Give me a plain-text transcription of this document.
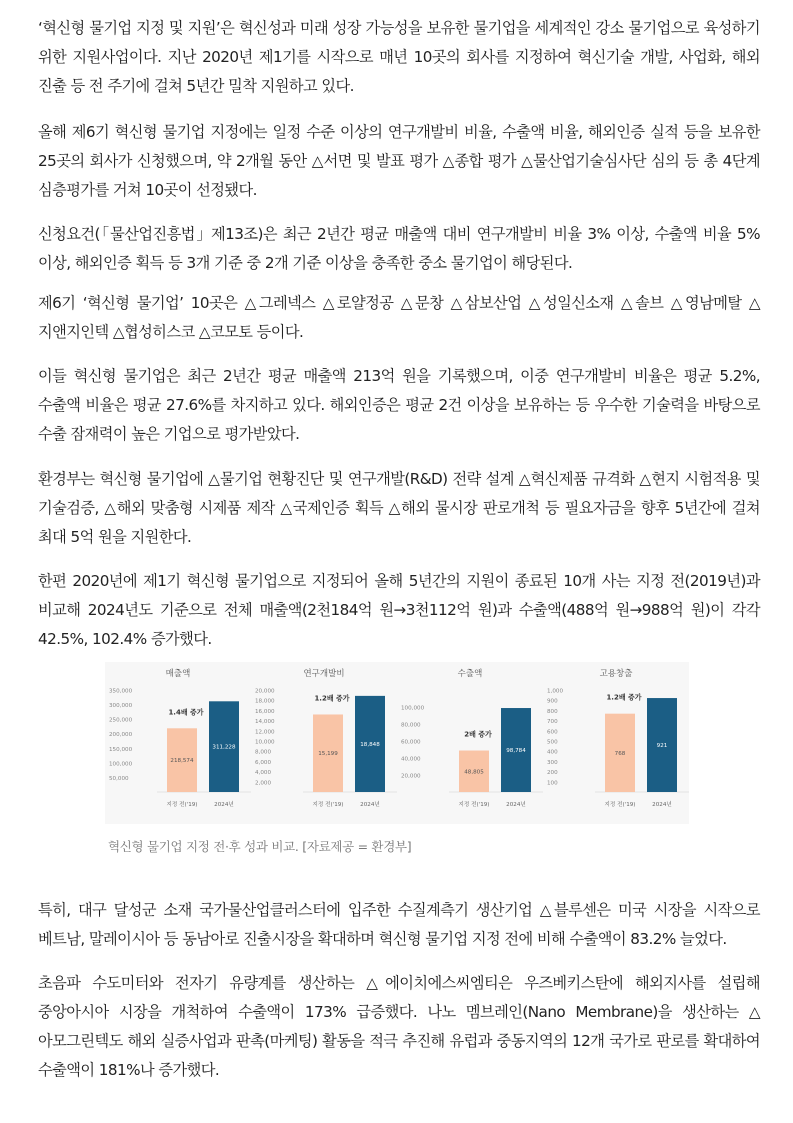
‘혁신형 물기업 지정 및 지원’은 혁신성과 미래 성장 가능성을 보유한 물기업을 세계적인 강소 물기업으로 육성하기 위한 지원사업이다. 지난 2020년 제1기를 시작으로 매년 10곳의 회사를 지정하여 혁신기술 개발, 사업화, 해외 진출 등 전 주기에 걸쳐 5년간 밀착 지원하고 있다.

올해 제6기 혁신형 물기업 지정에는 일정 수준 이상의 연구개발비 비율, 수출액 비율, 해외인증 실적 등을 보유한 25곳의 회사가 신청했으며, 약 2개월 동안 △서면 및 발표 평가 △종합 평가 △물산업기술심사단 심의 등 총 4단계 심층평가를 거쳐 10곳이 선정됐다.

신청요건(｢물산업진흥법｣ 제13조)은 최근 2년간 평균 매출액 대비 연구개발비 비율 3% 이상, 수출액 비율 5% 이상, 해외인증 획득 등 3개 기준 중 2개 기준 이상을 충족한 중소 물기업이 해당된다.

제6기 ‘혁신형 물기업’ 10곳은 △그레넥스 △로얄정공 △문창 △삼보산업 △성일신소재 △솔브 △영남메탈 △지앤지인텍 △협성히스코 △코모토 등이다.

이들 혁신형 물기업은 최근 2년간 평균 매출액 213억 원을 기록했으며, 이중 연구개발비 비율은 평균 5.2%, 수출액 비율은 평균 27.6%를 차지하고 있다. 해외인증은 평균 2건 이상을 보유하는 등 우수한 기술력을 바탕으로 수출 잠재력이 높은 기업으로 평가받았다.

환경부는 혁신형 물기업에 △물기업 현황진단 및 연구개발(R&D) 전략 설계 △혁신제품 규격화 △현지 시험적용 및 기술검증, △해외 맞춤형 시제품 제작 △국제인증 획득 △해외 물시장 판로개척 등 필요자금을 향후 5년간에 걸쳐 최대 5억 원을 지원한다.

한편 2020년에 제1기 혁신형 물기업으로 지정되어 올해 5년간의 지원이 종료된 10개 사는 지정 전(2019년)과 비교해 2024년도 기준으로 전체 매출액(2천184억 원→3천112억 원)과 수출액(488억 원→988억 원)이 각각 42.5%, 102.4% 증가했다.

매출액
350,000
300,000
250,000
200,000
150,000
100,000
50,000
218,574
지정 전('19)
311,228
2024년
1.4배 증가
연구개발비
20,000
18,000
16,000
14,000
12,000
10,000
8,000
6,000
4,000
2,000
15,199
지정 전('19)
18,848
2024년
1.2배 증가
수출액
100,000
80,000
60,000
40,000
20,000
48,805
지정 전('19)
98,784
2024년
2배 증가
고용창출
1,000
900
800
700
600
500
400
300
200
100
768
지정 전('19)
921
2024년
1.2배 증가
혁신형 물기업 지정 전·후 성과 비교. [자료제공 = 환경부]

특히, 대구 달성군 소재 국가물산업클러스터에 입주한 수질계측기 생산기업 △블루센은 미국 시장을 시작으로 베트남, 말레이시아 등 동남아로 진출시장을 확대하며 혁신형 물기업 지정 전에 비해 수출액이 83.2% 늘었다.

초음파 수도미터와 전자기 유량계를 생산하는 △에이치에스씨엠티은 우즈베키스탄에 해외지사를 설립해 중앙아시아 시장을 개척하여 수출액이 173% 급증했다. 나노 멤브레인(Nano Membrane)을 생산하는 △아모그린텍도 해외 실증사업과 판촉(마케팅) 활동을 적극 추진해 유럽과 중동지역의 12개 국가로 판로를 확대하여 수출액이 181%나 증가했다.
